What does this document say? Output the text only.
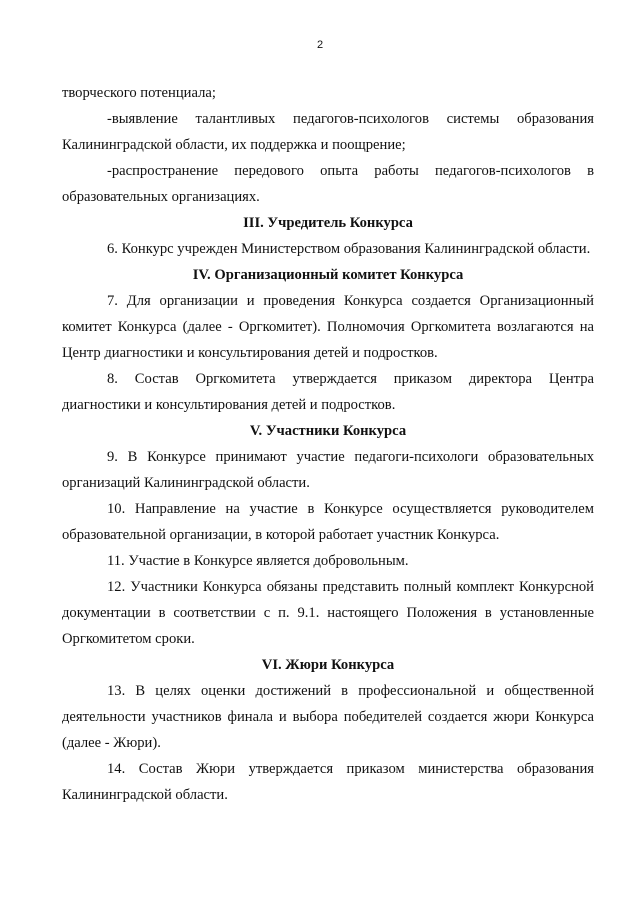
2

творческого потенциала;

-выявление талантливых педагогов-психологов системы образования Калининградской области, их поддержка и поощрение;

-распространение передового опыта работы педагогов-психологов в образовательных организациях.

III. Учредитель Конкурса

6. Конкурс учрежден Министерством образования Калининградской области.

IV. Организационный комитет Конкурса

7. Для организации и проведения Конкурса создается Организационный комитет Конкурса (далее - Оргкомитет). Полномочия Оргкомитета возлагаются на Центр диагностики и консультирования детей и подростков.

8. Состав Оргкомитета утверждается приказом директора Центра диагностики и консультирования детей и подростков.

V. Участники Конкурса

9. В Конкурсе принимают участие педагоги-психологи образовательных организаций Калининградской области.

10. Направление на участие в Конкурсе осуществляется руководителем образовательной организации, в которой работает участник Конкурса.

11. Участие в Конкурсе является добровольным.

12. Участники Конкурса обязаны представить полный комплект Конкурсной документации в соответствии с п. 9.1. настоящего Положения в установленные Оргкомитетом сроки.

VI. Жюри Конкурса

13. В целях оценки достижений в профессиональной и общественной деятельности участников финала и выбора победителей создается жюри Конкурса (далее - Жюри).

14. Состав Жюри утверждается приказом министерства образования Калининградской области.
